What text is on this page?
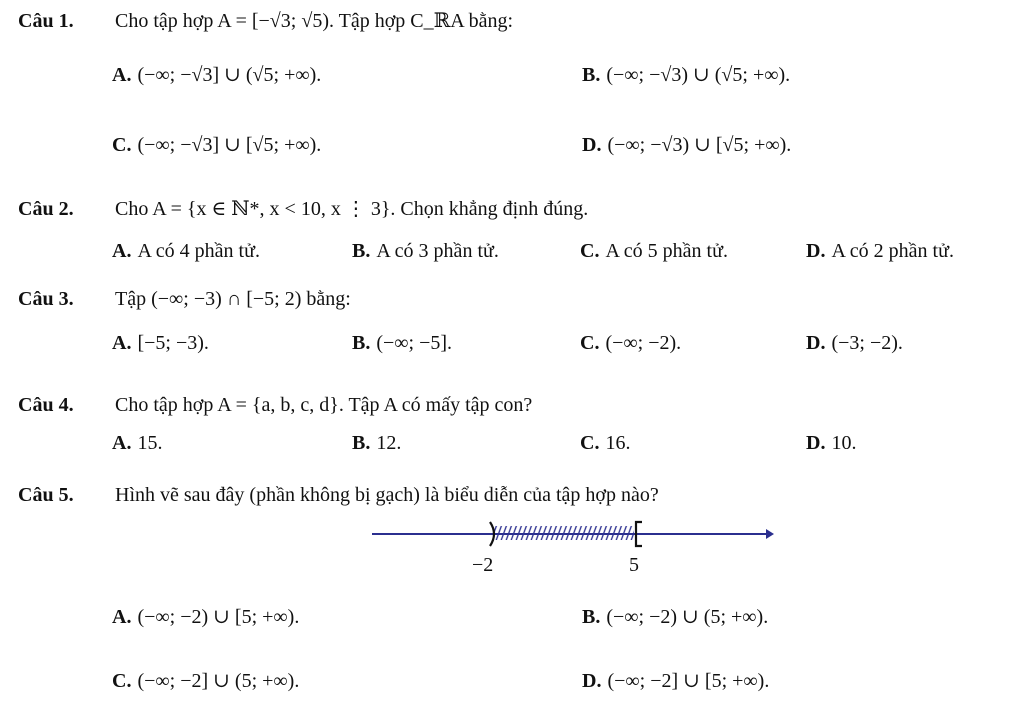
Câu 1. Cho tập hợp A = [−√3; √5). Tập hợp C_ℝA bằng:
A. (−∞; −√3] ∪ (√5; +∞).	B. (−∞; −√3) ∪ (√5; +∞).
C. (−∞; −√3] ∪ [√5; +∞).	D. (−∞; −√3) ∪ [√5; +∞).
Câu 2. Cho A = {x ∈ ℕ*, x < 10, x ⋮ 3}. Chọn khẳng định đúng.
A. A có 4 phần tử.	B. A có 3 phần tử.	C. A có 5 phần tử.	D. A có 2 phần tử.
Câu 3. Tập (−∞; −3) ∩ [−5; 2) bằng:
A. [−5; −3).	B. (−∞; −5].	C. (−∞; −2).	D. (−3; −2).
Câu 4. Cho tập hợp A = {a, b, c, d}. Tập A có mấy tập con?
A. 15.	B. 12.	C. 16.	D. 10.
Câu 5. Hình vẽ sau đây (phần không bị gạch) là biểu diễn của tập hợp nào?
−2	5
A. (−∞; −2) ∪ [5; +∞).	B. (−∞; −2) ∪ (5; +∞).
C. (−∞; −2] ∪ (5; +∞).	D. (−∞; −2] ∪ [5; +∞).
